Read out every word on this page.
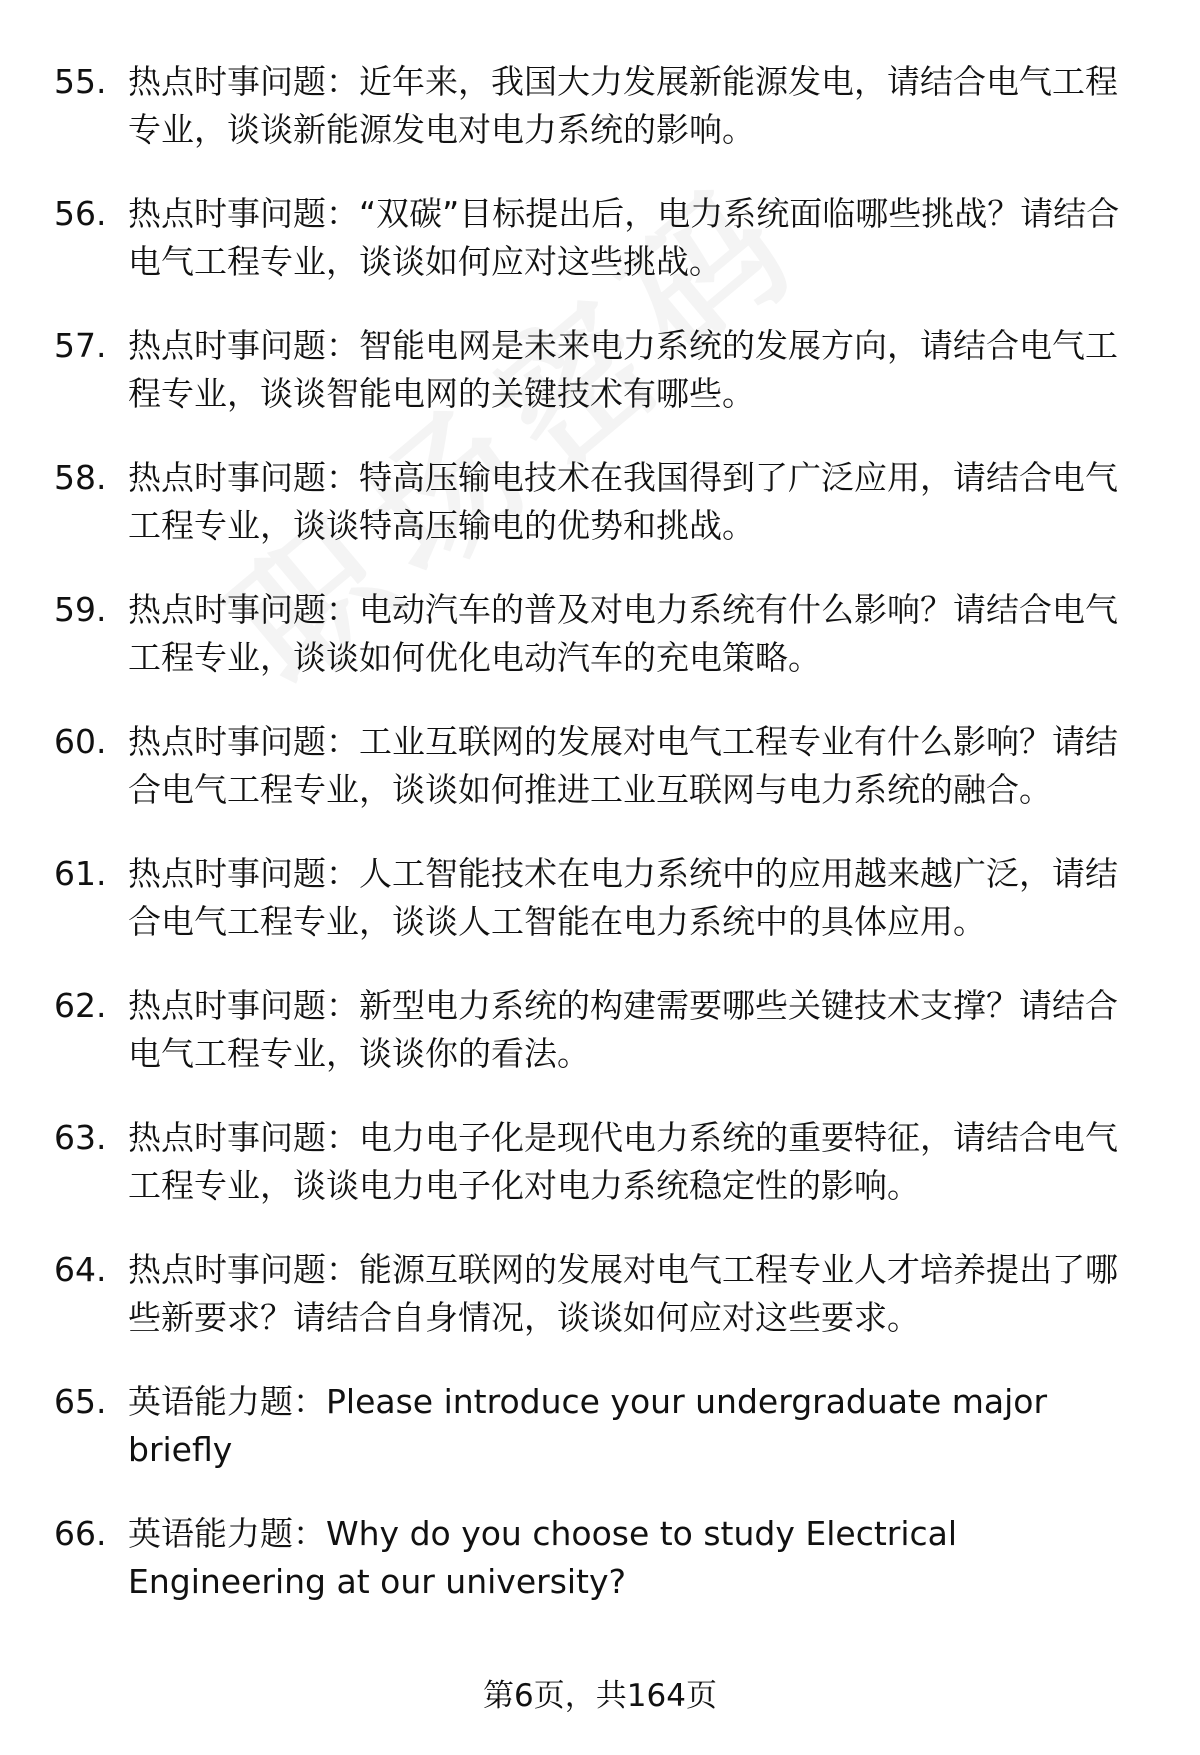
55. 热点时事问题：近年来，我国大力发展新能源发电，请结合电气工程专业，谈谈新能源发电对电力系统的影响。
56. 热点时事问题：“双碳”目标提出后，电力系统面临哪些挑战？请结合电气工程专业，谈谈如何应对这些挑战。
57. 热点时事问题：智能电网是未来电力系统的发展方向，请结合电气工程专业，谈谈智能电网的关键技术有哪些。
58. 热点时事问题：特高压输电技术在我国得到了广泛应用，请结合电气工程专业，谈谈特高压输电的优势和挑战。
59. 热点时事问题：电动汽车的普及对电力系统有什么影响？请结合电气工程专业，谈谈如何优化电动汽车的充电策略。
60. 热点时事问题：工业互联网的发展对电气工程专业有什么影响？请结合电气工程专业，谈谈如何推进工业互联网与电力系统的融合。
61. 热点时事问题：人工智能技术在电力系统中的应用越来越广泛，请结合电气工程专业，谈谈人工智能在电力系统中的具体应用。
62. 热点时事问题：新型电力系统的构建需要哪些关键技术支撑？请结合电气工程专业，谈谈你的看法。
63. 热点时事问题：电力电子化是现代电力系统的重要特征，请结合电气工程专业，谈谈电力电子化对电力系统稳定性的影响。
64. 热点时事问题：能源互联网的发展对电气工程专业人才培养提出了哪些新要求？请结合自身情况，谈谈如何应对这些要求。
65. 英语能力题：Please introduce your undergraduate major briefly
66. 英语能力题：Why do you choose to study Electrical Engineering at our university?
第6页，共164页
